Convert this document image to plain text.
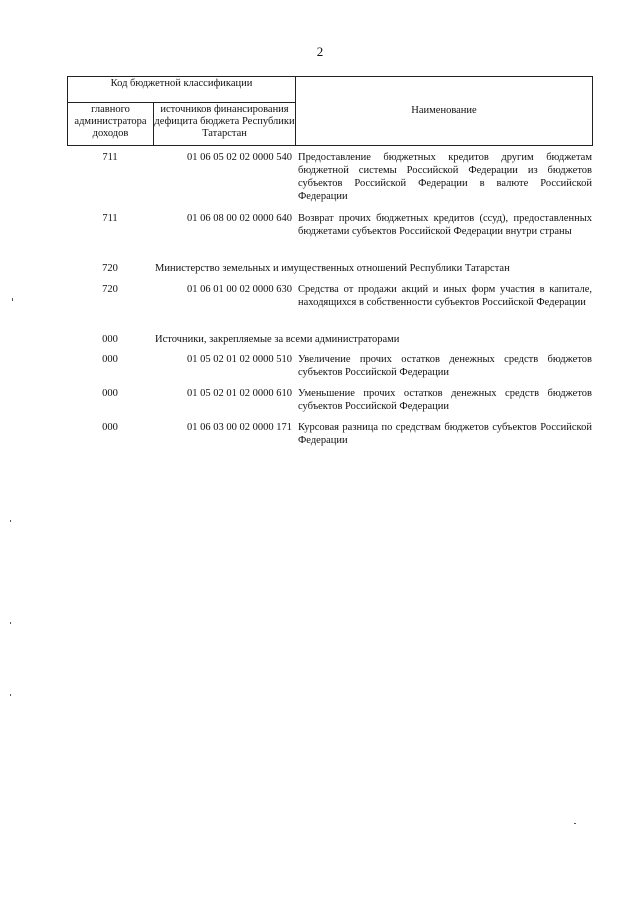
2
Код бюджетной классификации
главного администратора доходов
источников финансирования дефицита бюджета Республики Татарстан
Наименование
711	01 06 05 02 02 0000 540 Предоставление бюджетных кредитов другим бюджетам бюджетной системы Российской Федерации из бюджетов субъектов Российской Федерации в валюте Российской Федерации
711	01 06 08 00 02 0000 640 Возврат прочих бюджетных кредитов (ссуд), предоставленных бюджетами субъектов Российской Федерации внутри страны
720	Министерство земельных и имущественных отношений Республики Татарстан
720	01 06 01 00 02 0000 630 Средства от продажи акций и иных форм участия в капитале, находящихся в собственности субъектов Российской Федерации
000	Источники, закрепляемые за всеми администраторами
000	01 05 02 01 02 0000 510 Увеличение прочих остатков денежных средств бюджетов субъектов Российской Федерации
000	01 05 02 01 02 0000 610 Уменьшение прочих остатков денежных средств бюджетов субъектов Российской Федерации
000	01 06 03 00 02 0000 171 Курсовая разница по средствам бюджетов субъектов Российской Федерации
